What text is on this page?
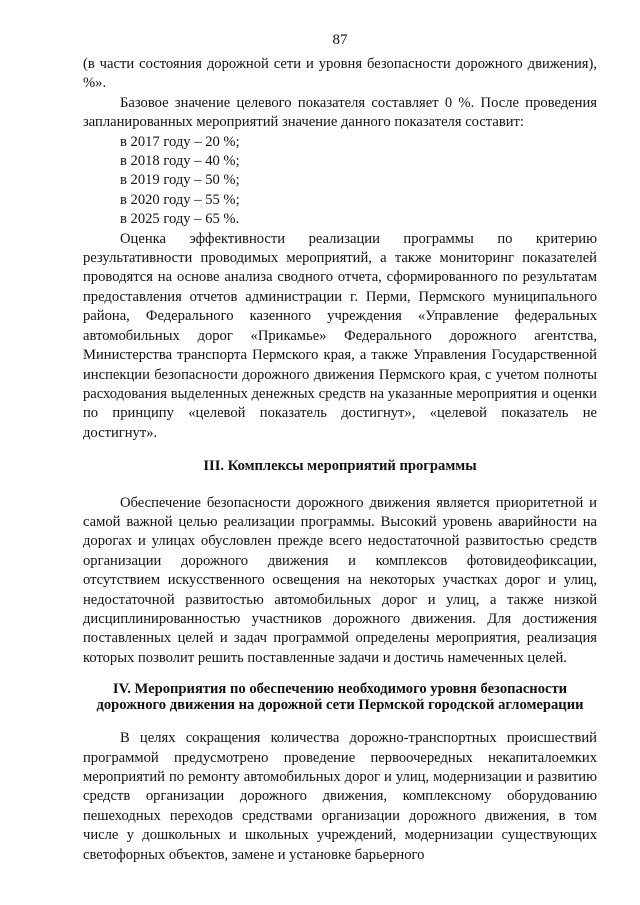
87

(в части состояния дорожной сети и уровня безопасности дорожного движения), %».

Базовое значение целевого показателя составляет 0 %. После проведения запланированных мероприятий значение данного показателя составит:

в 2017 году – 20 %;
в 2018 году – 40 %;
в 2019 году – 50 %;
в 2020 году – 55 %;
в 2025 году – 65 %.

Оценка эффективности реализации программы по критерию результативности проводимых мероприятий, а также мониторинг показателей проводятся на основе анализа сводного отчета, сформированного по результатам предоставления отчетов администрации г. Перми, Пермского муниципального района, Федерального казенного учреждения «Управление федеральных автомобильных дорог «Прикамье» Федерального дорожного агентства, Министерства транспорта Пермского края, а также Управления Государственной инспекции безопасности дорожного движения Пермского края, с учетом полноты расходования выделенных денежных средств на указанные мероприятия и оценки по принципу «целевой показатель достигнут», «целевой показатель не достигнут».

III. Комплексы мероприятий программы

Обеспечение безопасности дорожного движения является приоритетной и самой важной целью реализации программы. Высокий уровень аварийности на дорогах и улицах обусловлен прежде всего недостаточной развитостью средств организации дорожного движения и комплексов фотовидеофиксации, отсутствием искусственного освещения на некоторых участках дорог и улиц, недостаточной развитостью автомобильных дорог и улиц, а также низкой дисциплинированностью участников дорожного движения. Для достижения поставленных целей и задач программой определены мероприятия, реализация которых позволит решить поставленные задачи и достичь намеченных целей.

IV. Мероприятия по обеспечению необходимого уровня безопасности
дорожного движения на дорожной сети Пермской городской агломерации

В целях сокращения количества дорожно-транспортных происшествий программой предусмотрено проведение первоочередных некапиталоемких мероприятий по ремонту автомобильных дорог и улиц, модернизации и развитию средств организации дорожного движения, комплексному оборудованию пешеходных переходов средствами организации дорожного движения, в том числе у дошкольных и школьных учреждений, модернизации существующих светофорных объектов, замене и установке барьерного
